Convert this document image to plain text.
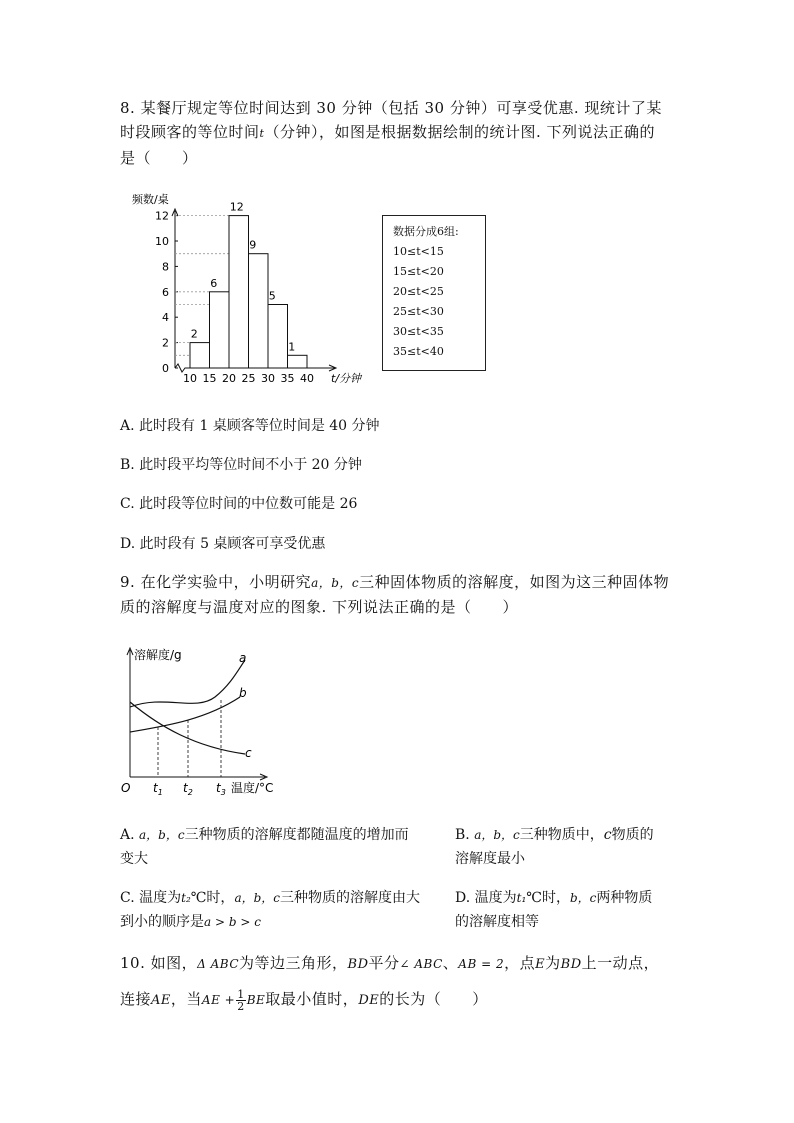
8. 某餐厅规定等位时间达到 30 分钟（包括 30 分钟）可享受优惠. 现统计了某
时段顾客的等位时间t（分钟），如图是根据数据绘制的统计图. 下列说法正确的
是（　　）
频数/桌
0
2
4
6
8
10
12
2
6
12
9
5
1
10 15 20 25 30 35 40 t/分钟
数据分成6组:
10≤t<15
15≤t<20
20≤t<25
25≤t<30
30≤t<35
35≤t<40
A. 此时段有 1 桌顾客等位时间是 40 分钟
B. 此时段平均等位时间不小于 20 分钟
C. 此时段等位时间的中位数可能是 26
D. 此时段有 5 桌顾客可享受优惠
9. 在化学实验中，小明研究a，b，c三种固体物质的溶解度，如图为这三种固体物
质的溶解度与温度对应的图象. 下列说法正确的是（　　）
溶解度/g
温度/°C
O
a
b
c
$t_1$ $t_2$ $t_3$
A. a，b，c三种物质的溶解度都随温度的增加而
变大
B. a，b，c三种物质中，c物质的
溶解度最小
C. 温度为t₂℃时，a，b，c三种物质的溶解度由大
到小的顺序是a > b > c
D. 温度为t₁℃时，b，c两种物质
的溶解度相等
10. 如图，Δ ABC为等边三角形，BD平分∠ ABC、AB = 2，点E为BD上一动点，
连接AE，当AE + $\frac{1}{2}$ BE取最小值时，DE的长为（　　）
